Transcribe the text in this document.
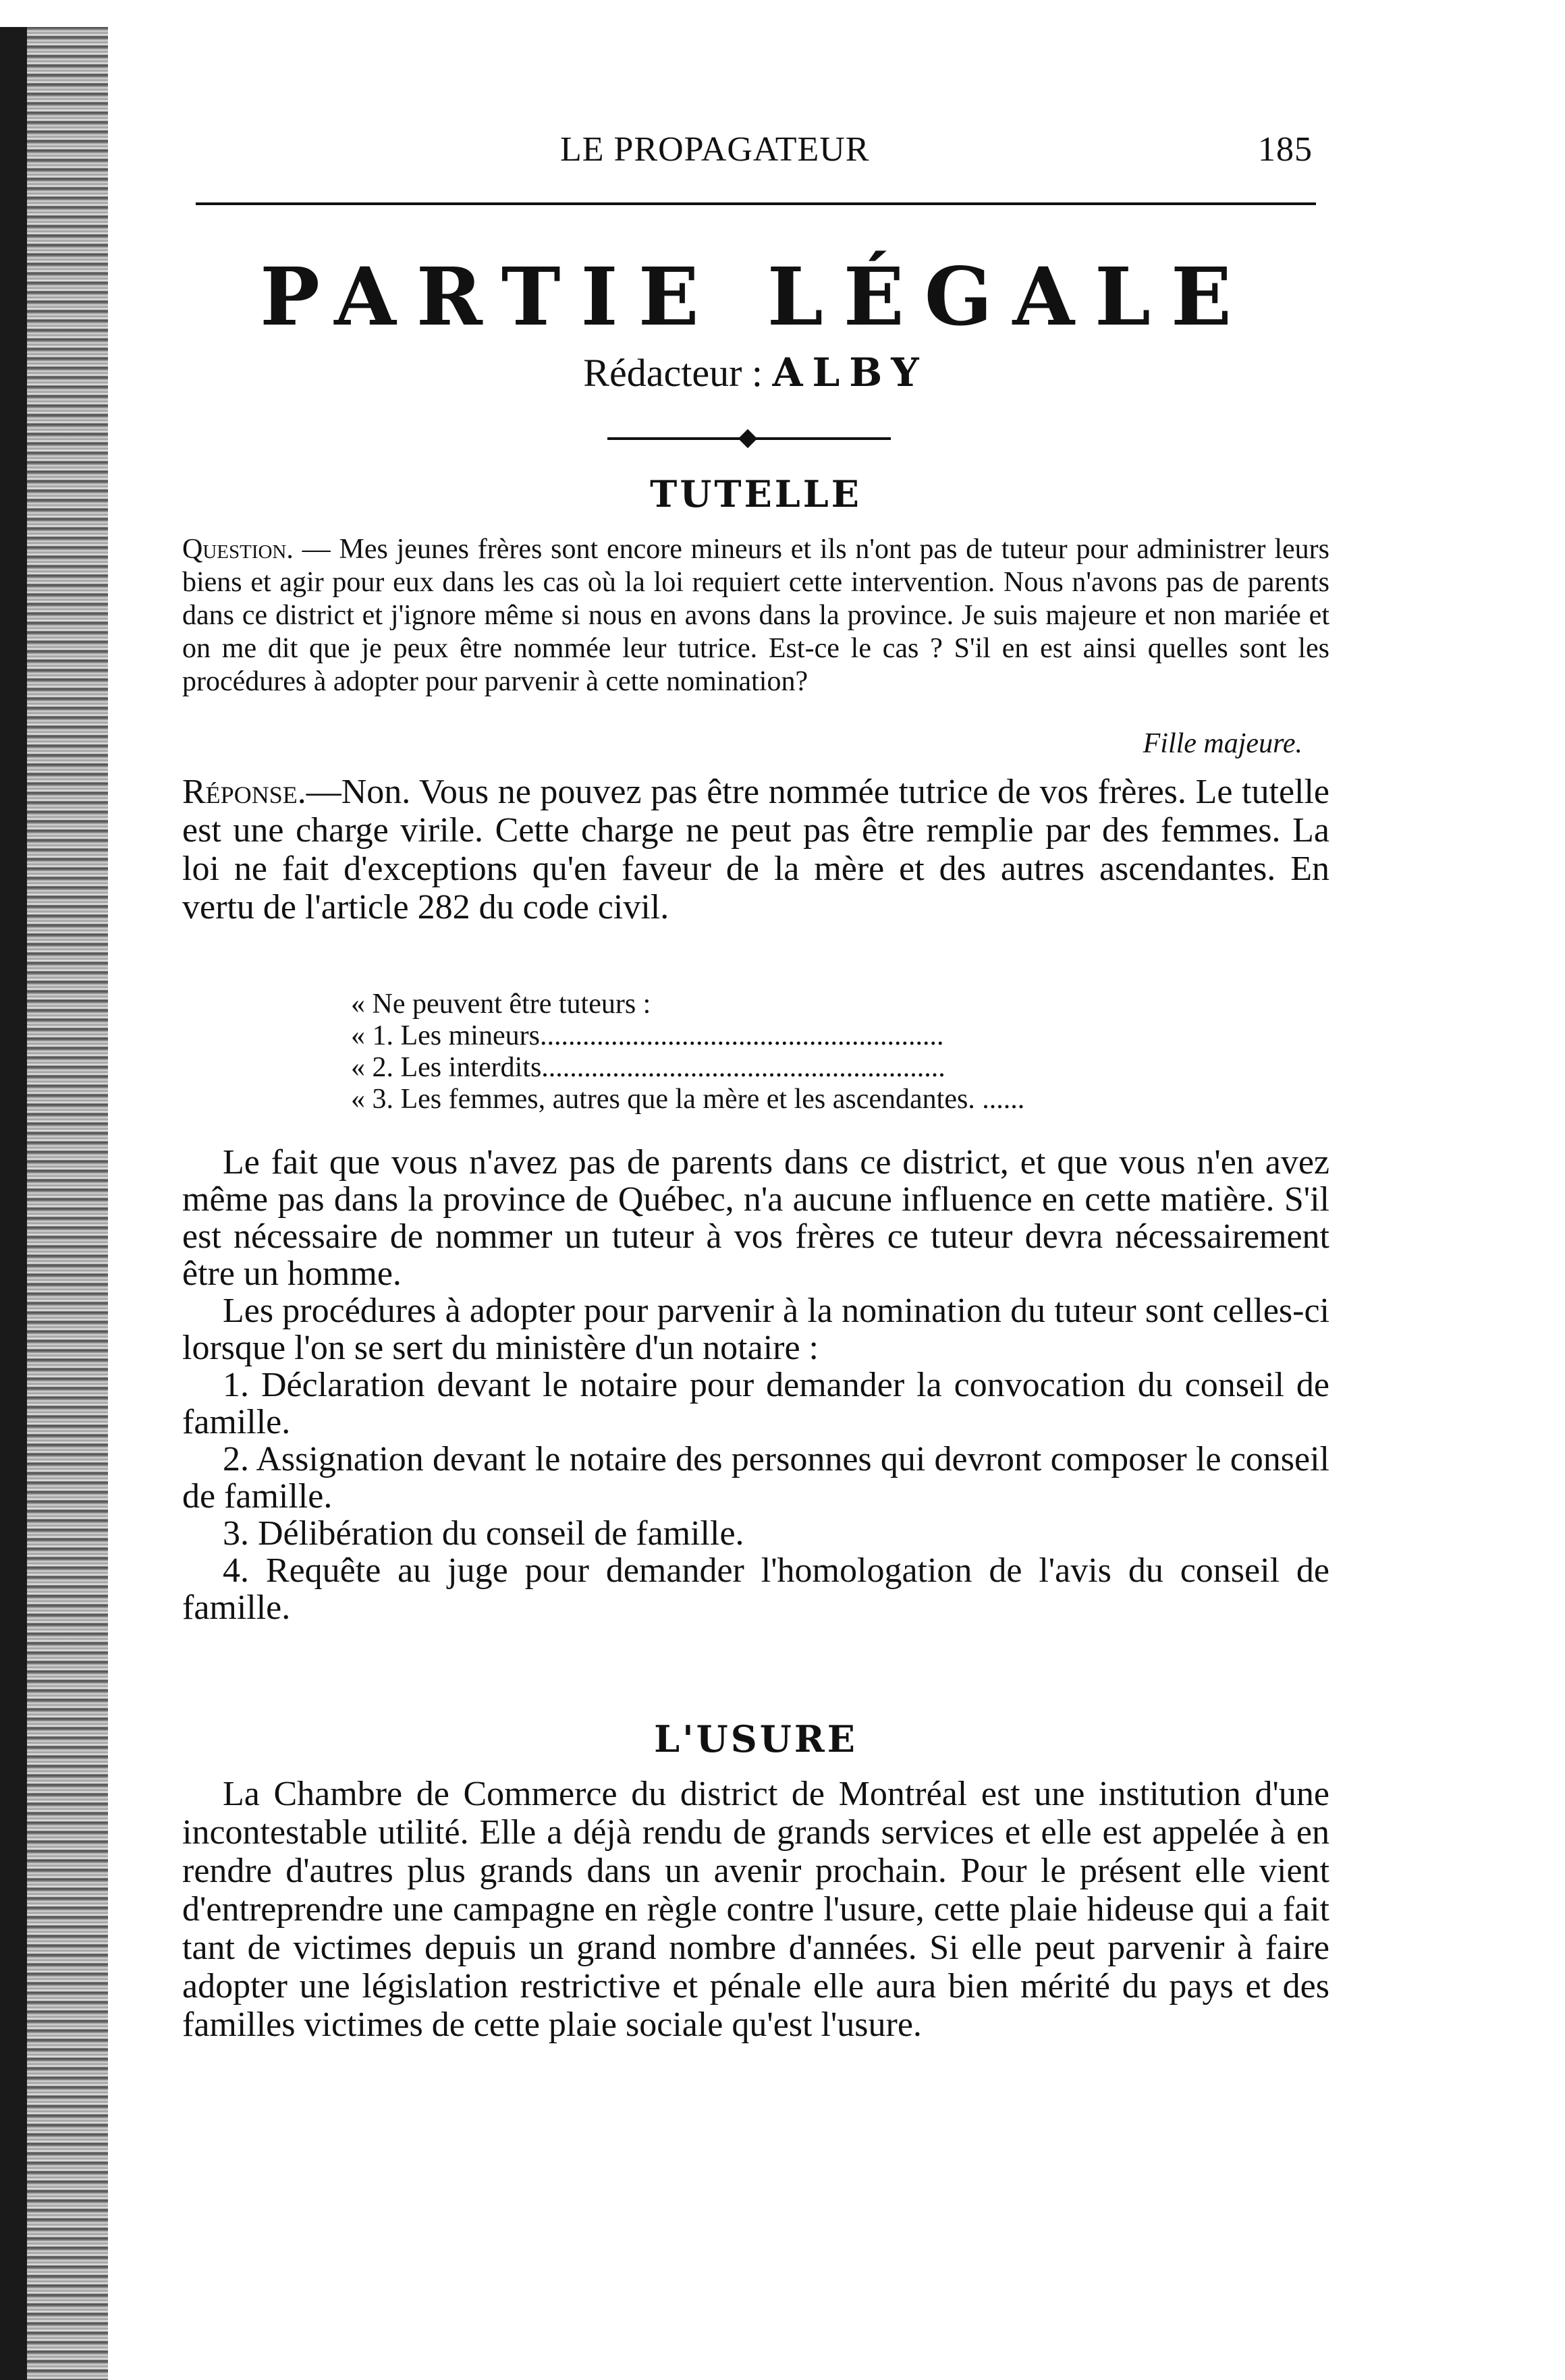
LE PROPAGATEUR	185
PARTIE LÉGALE
Rédacteur : ALBY
TUTELLE
Question. — Mes jeunes frères sont encore mineurs et ils n'ont pas de tuteur pour administrer leurs biens et agir pour eux dans les cas où la loi requiert cette intervention. Nous n'avons pas de parents dans ce district et j'ignore même si nous en avons dans la province. Je suis majeure et non mariée et on me dit que je peux être nommée leur tutrice. Est-ce le cas ? S'il en est ainsi quelles sont les procédures à adopter pour parvenir à cette nomination?
Fille majeure.
Réponse.—Non. Vous ne pouvez pas être nommée tutrice de vos frères. Le tutelle est une charge virile. Cette charge ne peut pas être remplie par des femmes. La loi ne fait d'exceptions qu'en faveur de la mère et des autres ascendantes. En vertu de l'article 282 du code civil.
« Ne peuvent être tuteurs :
« 1. Les mineurs.........................................................
« 2. Les interdits.........................................................
« 3. Les femmes, autres que la mère et les ascendantes. ......

Le fait que vous n'avez pas de parents dans ce district, et que vous n'en avez même pas dans la province de Québec, n'a aucune influence en cette matière. S'il est nécessaire de nommer un tuteur à vos frères ce tuteur devra nécessairement être un homme.

Les procédures à adopter pour parvenir à la nomination du tuteur sont celles-ci lorsque l'on se sert du ministère d'un notaire :

1. Déclaration devant le notaire pour demander la convocation du conseil de famille.

2. Assignation devant le notaire des personnes qui devront composer le conseil de famille.

3. Délibération du conseil de famille.

4. Requête au juge pour demander l'homologation de l'avis du conseil de famille.

L'USURE
La Chambre de Commerce du district de Montréal est une institution d'une incontestable utilité. Elle a déjà rendu de grands services et elle est appelée à en rendre d'autres plus grands dans un avenir prochain. Pour le présent elle vient d'entreprendre une campagne en règle contre l'usure, cette plaie hideuse qui a fait tant de victimes depuis un grand nombre d'années. Si elle peut parvenir à faire adopter une législation restrictive et pénale elle aura bien mérité du pays et des familles victimes de cette plaie sociale qu'est l'usure.
